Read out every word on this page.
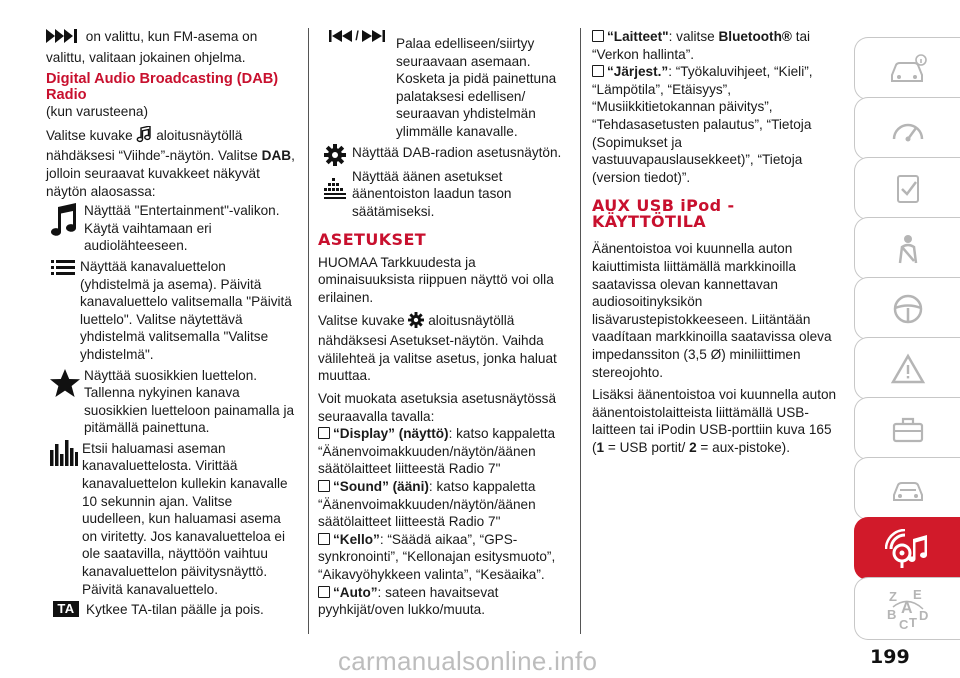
on valittu, kun FM-asema on valittu, valitaan jokainen ohjelma.

Digital Audio Broadcasting (DAB) Radio

(kun varusteena)

Valitse kuvake aloitusnäytöllä nähdäksesi “Viihde”-näytön. Valitse DAB, jolloin seuraavat kuvakkeet näkyvät näytön alaosassa:

Näyttää "Entertainment"-valikon. Käytä vaihtamaan eri audiolähteeseen.
Näyttää kanavaluettelon (yhdistelmä ja asema). Päivitä kanavaluettelo valitsemalla "Päivitä luettelo". Valitse näytettävä yhdistelmä valitsemalla "Valitse yhdistelmä".
Näyttää suosikkien luettelon. Tallenna nykyinen kanava suosikkien luetteloon painamalla ja pitämällä painettuna.
Etsii haluamasi aseman kanavaluettelosta. Virittää kanavaluettelon kullekin kanavalle 10 sekunnin ajan. Valitse uudelleen, kun haluamasi asema on viritetty. Jos kanavaluetteloa ei ole saatavilla, näyttöön vaihtuu kanavaluettelon päivitysnäyttö. Päivitä kanavaluettelo.
TA Kytkee TA-tilan päälle ja pois.
/
Palaa edelliseen/siirtyy seuraavaan asemaan. Kosketa ja pidä painettuna palataksesi edellisen/ seuraavan yhdistelmän ylimmälle kanavalle.
Näyttää DAB-radion asetusnäytön.
Näyttää äänen asetukset äänentoiston laadun tason säätämiseksi.
ASETUKSET

HUOMAA Tarkkuudesta ja ominaisuuksista riippuen näyttö voi olla erilainen.

Valitse kuvake aloitusnäytöllä nähdäksesi Asetukset-näytön. Vaihda välilehteä ja valitse asetus, jonka haluat muuttaa.

Voit muokata asetuksia asetusnäytössä seuraavalla tavalla:

“Display” (näyttö): katso kappaletta “Äänenvoimakkuuden/näytön/äänen säätölaitteet liitteestä Radio 7"

“Sound” (ääni): katso kappaletta “Äänenvoimakkuuden/näytön/äänen säätölaitteet liitteestä Radio 7"

“Kello”: “Säädä aikaa”, “GPS-synkronointi”, “Kellonajan esitysmuoto”, “Aikavyöhykkeen valinta”, “Kesäaika”.

“Auto”: sateen havaitsevat pyyhkijät/oven lukko/muuta.

“Laitteet": valitse Bluetooth® tai “Verkon hallinta”.

“Järjest.”: “Työkaluvihjeet, “Kieli”, “Lämpötila”, “Etäisyys”, “Musiikkitietokannan päivitys”, “Tehdasasetusten palautus”, “Tietoja (Sopimukset ja vastuuvapauslausekkeet)”, “Tietoja (version tiedot)”.

AUX USB iPod -KÄYTTÖTILA

Äänentoistoa voi kuunnella auton kaiuttimista liittämällä markkinoilla saatavissa olevan kannettavan audiosoitinyksikön lisävarustepistokkeeseen. Liitäntään vaadítaan markkinoilla saatavissa oleva impedanssiton (3,5 Ø) miniliittimen stereojohto.

Lisäksi äänentoistoa voi kuunnella auton äänentoistolaitteista liittämällä USB-laitteen tai iPodin USB-porttiin kuva 165 (1 = USB portit/ 2 = aux-pistoke).

Z E
B A
C T D
199
carmanualsonline.info
